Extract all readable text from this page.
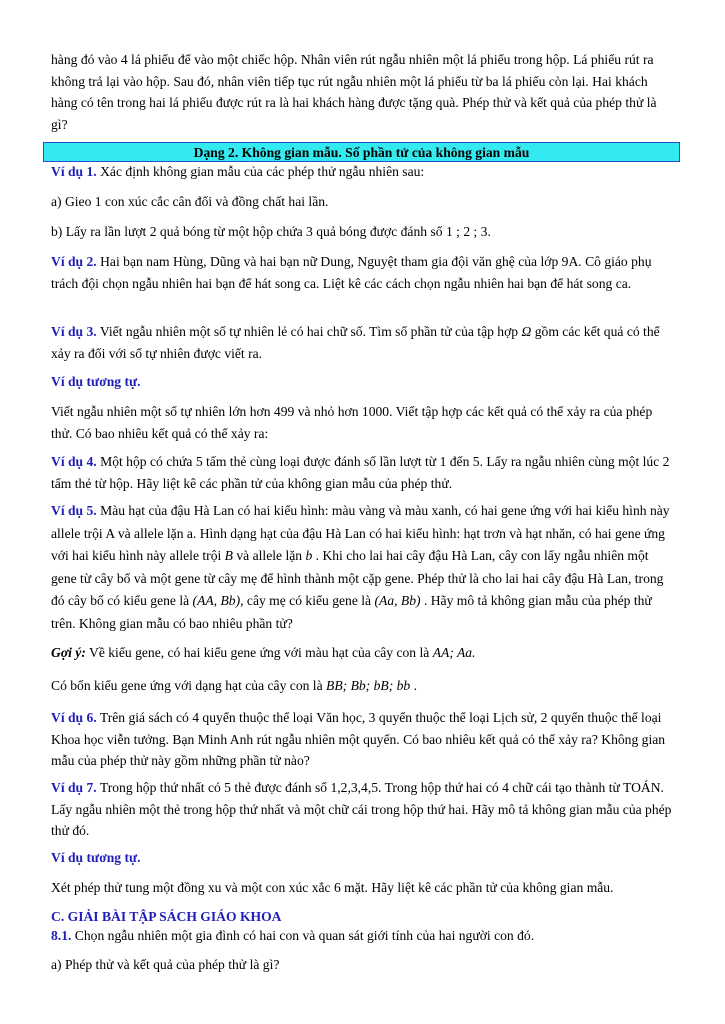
hàng đó vào 4 lá phiếu để vào một chiếc hộp. Nhân viên rút ngẫu nhiên một lá phiếu trong hộp. Lá phiếu rút ra không trả lại vào hộp. Sau đó, nhân viên tiếp tục rút ngẫu nhiên một lá phiếu từ ba lá phiếu còn lại. Hai khách hàng có tên trong hai lá phiếu được rút ra là hai khách hàng được tặng quà. Phép thử và kết quả của phép thử là gì?

Dạng 2. Không gian mẫu. Số phần tử của không gian mẫu

Ví dụ 1. Xác định không gian mẫu của các phép thử ngẫu nhiên sau:

a) Gieo 1 con xúc cắc cân đối và đồng chất hai lần.

b) Lấy ra lần lượt 2 quả bóng từ một hộp chứa 3 quả bóng được đánh số 1 ; 2 ; 3.

Ví dụ 2. Hai bạn nam Hùng, Dũng và hai bạn nữ Dung, Nguyệt tham gia đội văn ghệ của lớp 9A. Cô giáo phụ trách đội chọn ngẫu nhiên hai bạn để hát song ca. Liệt kê các cách chọn ngẫu nhiên hai bạn để hát song ca.

Ví dụ 3. Viết ngẫu nhiên một số tự nhiên lẻ có hai chữ số. Tìm số phần tử của tập hợp Ω gồm các kết quả có thể xảy ra đối với số tự nhiên được viết ra.

Ví dụ tương tự.

Viết ngẫu nhiên một số tự nhiên lớn hơn 499 và nhỏ hơn 1000. Viết tập hợp các kết quả có thể xảy ra của phép thử. Có bao nhiêu kết quả có thể xảy ra:

Ví dụ 4. Một hộp có chứa 5 tấm thẻ cùng loại được đánh số lần lượt từ 1 đến 5. Lấy ra ngẫu nhiên cùng một lúc 2 tấm thẻ từ hộp. Hãy liệt kê các phần tử của không gian mẫu của phép thử.

Ví dụ 5. Màu hạt của đậu Hà Lan có hai kiểu hình: màu vàng và màu xanh, có hai gene ứng với hai kiểu hình này allele trội A và allele lặn a. Hình dạng hạt của đậu Hà Lan có hai kiểu hình: hạt trơn và hạt nhăn, có hai gene ứng với hai kiểu hình này allele trội B và allele lặn b . Khi cho lai hai cây đậu Hà Lan, cây con lấy ngẫu nhiên một gene từ cây bố và một gene từ cây mẹ để hình thành một cặp gene. Phép thử là cho lai hai cây đậu Hà Lan, trong đó cây bố có kiểu gene là (AA, Bb), cây mẹ có kiểu gene là (Aa, Bb) . Hãy mô tả không gian mẫu của phép thử trên. Không gian mẫu có bao nhiêu phần tử?

Gợi ý: Về kiểu gene, có hai kiểu gene ứng với màu hạt của cây con là AA; Aa.

Có bốn kiểu gene ứng với dạng hạt của cây con là BB; Bb; bB; bb .

Ví dụ 6. Trên giá sách có 4 quyển thuộc thể loại Văn học, 3 quyển thuộc thể loại Lịch sử, 2 quyển thuộc thể loại Khoa học viễn tưởng. Bạn Minh Anh rút ngẫu nhiên một quyển. Có bao nhiêu kết quả có thể xảy ra? Không gian mẫu của phép thử này gồm những phần tử nào?

Ví dụ 7. Trong hộp thứ nhất có 5 thẻ được đánh số 1,2,3,4,5. Trong hộp thứ hai có 4 chữ cái tạo thành từ TOÁN. Lấy ngẫu nhiên một thẻ trong hộp thứ nhất và một chữ cái trong hộp thứ hai. Hãy mô tả không gian mẫu của phép thử đó.

Ví dụ tương tự.

Xét phép thử tung một đồng xu và một con xúc xắc 6 mặt. Hãy liệt kê các phần tử của không gian mẫu.

C. GIẢI BÀI TẬP SÁCH GIÁO KHOA

8.1. Chọn ngẫu nhiên một gia đình có hai con và quan sát giới tính của hai người con đó.

a) Phép thử và kết quả của phép thử là gì?
